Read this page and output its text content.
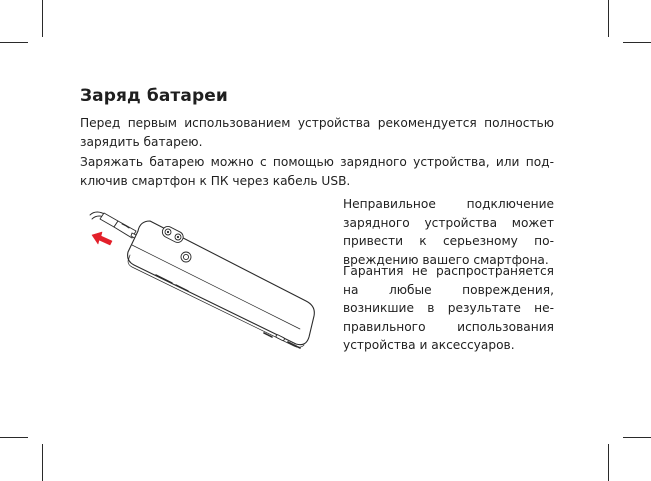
Заряд батареи

Перед первым использованием устройства рекомендуется полностью зарядить батарею.

Заряжать батарею можно с помощью зарядного устройства, или подключив смартфон к ПК через кабель USB.

Неправильное подключение зарядного устройства может привести к серьезному повреждению вашего смартфона.

Гарантия не распространяется на любые повреждения, возникшие в результате неправильного использования устройства и аксессуаров.
